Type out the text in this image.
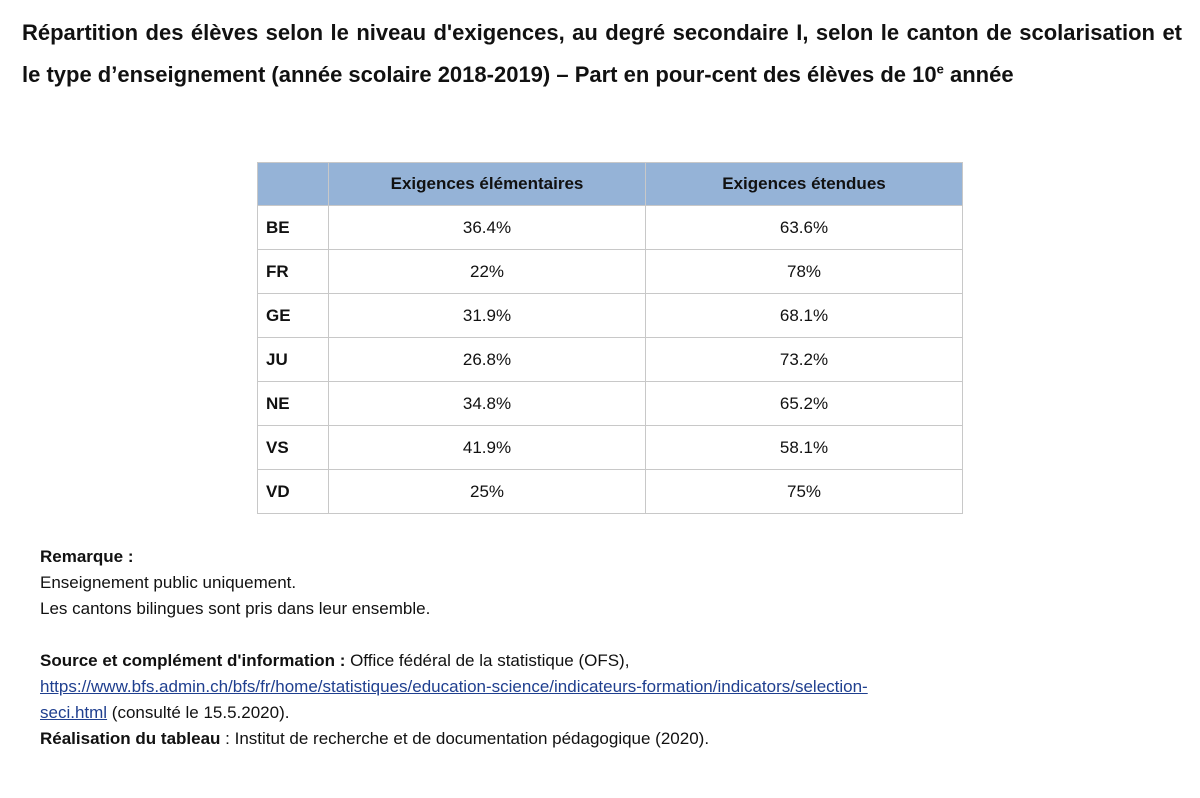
Répartition des élèves selon le niveau d'exigences, au degré secondaire I, selon le canton de scolarisation et le type d’enseignement (année scolaire 2018-2019) – Part en pour-cent des élèves de 10e année
	Exigences élémentaires	Exigences étendues
BE	36.4%	63.6%
FR	22%	78%
GE	31.9%	68.1%
JU	26.8%	73.2%
NE	34.8%	65.2%
VS	41.9%	58.1%
VD	25%	75%

Remarque :

Enseignement public uniquement.

Les cantons bilingues sont pris dans leur ensemble.

Source et complément d'information : Office fédéral de la statistique (OFS),

https://www.bfs.admin.ch/bfs/fr/home/statistiques/education-science/indicateurs-formation/indicators/selection-

seci.html (consulté le 15.5.2020).

Réalisation du tableau : Institut de recherche et de documentation pédagogique (2020).
